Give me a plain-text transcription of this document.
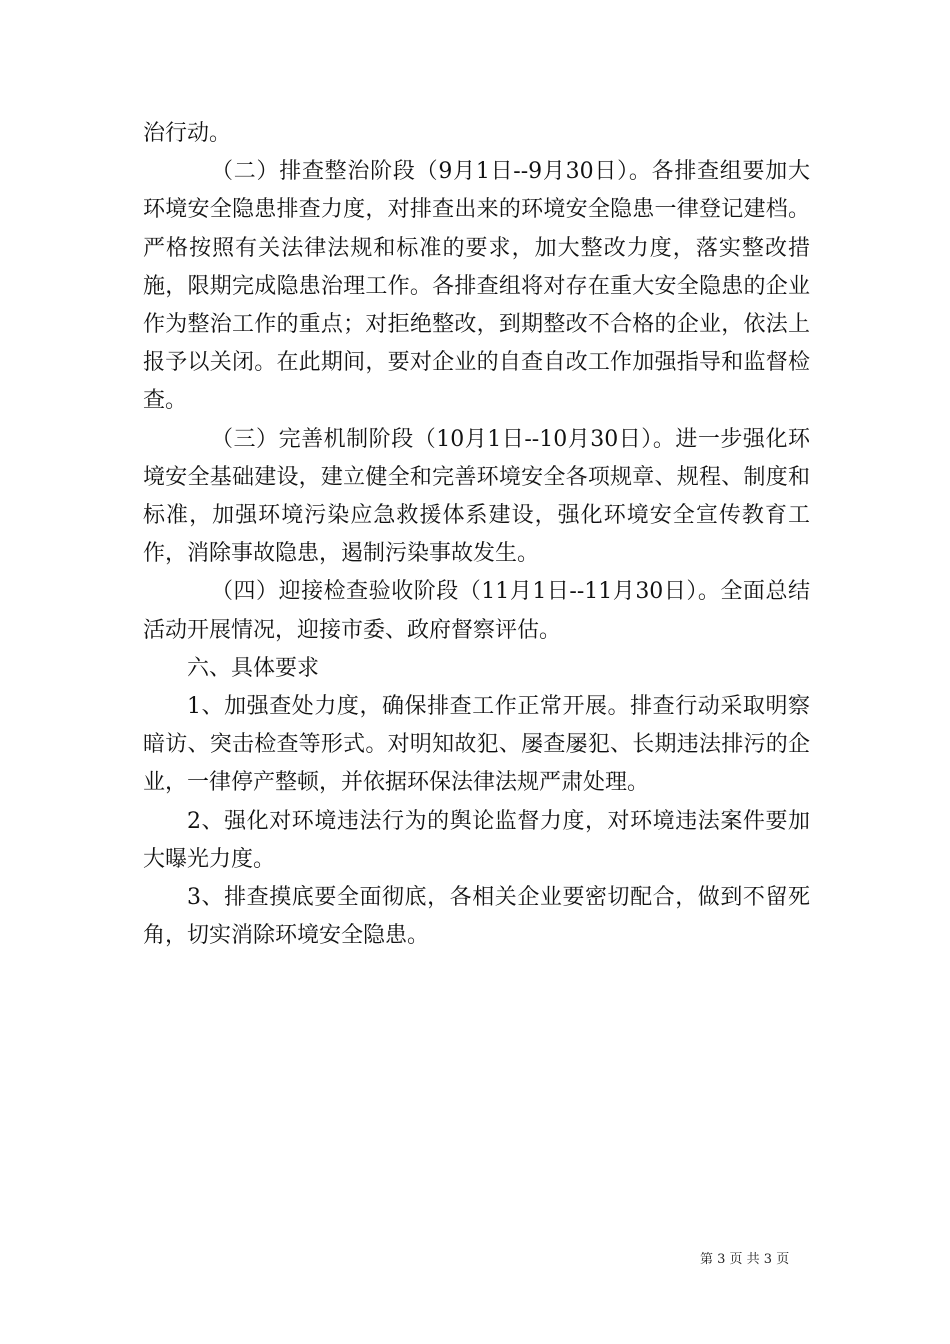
治行动。

（二）排查整治阶段（9月1日--9月30日）。各排查组要加大环境安全隐患排查力度，对排查出来的环境安全隐患一律登记建档。严格按照有关法律法规和标准的要求，加大整改力度，落实整改措施，限期完成隐患治理工作。各排查组将对存在重大安全隐患的企业作为整治工作的重点；对拒绝整改，到期整改不合格的企业，依法上报予以关闭。在此期间，要对企业的自查自改工作加强指导和监督检查。

（三）完善机制阶段（10月1日--10月30日）。进一步强化环境安全基础建设，建立健全和完善环境安全各项规章、规程、制度和标准，加强环境污染应急救援体系建设，强化环境安全宣传教育工作，消除事故隐患，遏制污染事故发生。

（四）迎接检查验收阶段（11月1日--11月30日）。全面总结活动开展情况，迎接市委、政府督察评估。

六、具体要求

1、加强查处力度，确保排查工作正常开展。排查行动采取明察暗访、突击检查等形式。对明知故犯、屡查屡犯、长期违法排污的企业，一律停产整顿，并依据环保法律法规严肃处理。

2、强化对环境违法行为的舆论监督力度，对环境违法案件要加大曝光力度。

3、排查摸底要全面彻底，各相关企业要密切配合，做到不留死角，切实消除环境安全隐患。

第 3 页 共 3 页
